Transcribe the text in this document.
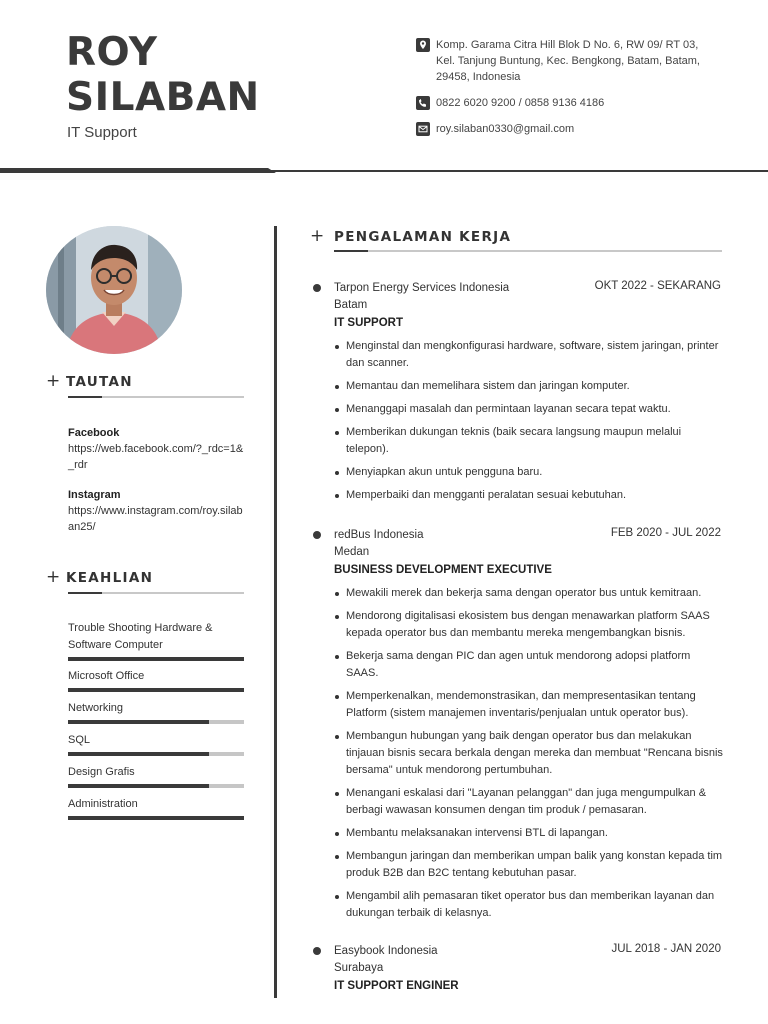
ROY
SILABAN
IT Support
Komp. Garama Citra Hill Blok D No. 6, RW 09/ RT 03, Kel. Tanjung Buntung, Kec. Bengkong, Batam, Batam, 29458, Indonesia
0822 6020 9200 / 0858 9136 4186
roy.silaban0330@gmail.com
+ TAUTAN
Facebook
https://web.facebook.com/?_rdc=1&_rdr
Instagram
https://www.instagram.com/roy.silaban25/
+ KEAHLIAN
Trouble Shooting Hardware & Software Computer
Microsoft Office
Networking
SQL
Design Grafis
Administration
+ PENGALAMAN KERJA
Tarpon Energy Services Indonesia
Batam
OKT 2022 - SEKARANG
IT SUPPORT
Menginstal dan mengkonfigurasi hardware, software, sistem jaringan, printer dan scanner.
Memantau dan memelihara sistem dan jaringan komputer.
Menanggapi masalah dan permintaan layanan secara tepat waktu.
Memberikan dukungan teknis (baik secara langsung maupun melalui telepon).
Menyiapkan akun untuk pengguna baru.
Memperbaiki dan mengganti peralatan sesuai kebutuhan.
redBus Indonesia
Medan
FEB 2020 - JUL 2022
BUSINESS DEVELOPMENT EXECUTIVE
Mewakili merek dan bekerja sama dengan operator bus untuk kemitraan.
Mendorong digitalisasi ekosistem bus dengan menawarkan platform SAAS kepada operator bus dan membantu mereka mengembangkan bisnis.
Bekerja sama dengan PIC dan agen untuk mendorong adopsi platform SAAS.
Memperkenalkan, mendemonstrasikan, dan mempresentasikan tentang Platform (sistem manajemen inventaris/penjualan untuk operator bus).
Membangun hubungan yang baik dengan operator bus dan melakukan tinjauan bisnis secara berkala dengan mereka dan membuat "Rencana bisnis bersama" untuk mendorong pertumbuhan.
Menangani eskalasi dari "Layanan pelanggan" dan juga mengumpulkan & berbagi wawasan konsumen dengan tim produk / pemasaran.
Membantu melaksanakan intervensi BTL di lapangan.
Membangun jaringan dan memberikan umpan balik yang konstan kepada tim produk B2B dan B2C tentang kebutuhan pasar.
Mengambil alih pemasaran tiket operator bus dan memberikan layanan dan dukungan terbaik di kelasnya.
Easybook Indonesia
Surabaya
JUL 2018 - JAN 2020
IT SUPPORT ENGINER
